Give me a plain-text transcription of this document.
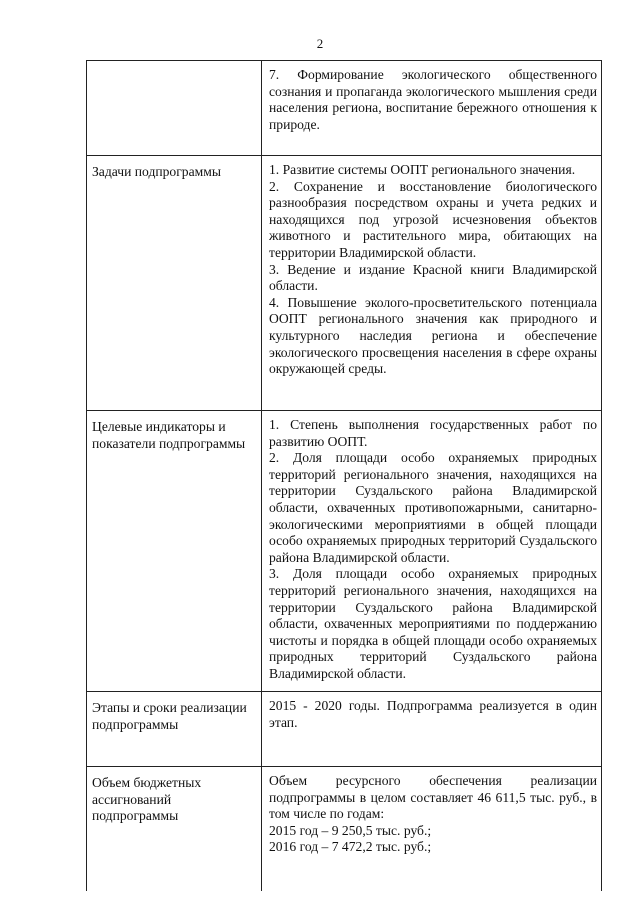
2

	7. Формирование экологического общественного сознания и пропаганда экологического мышления среди населения региона, воспитание бережного отношения к природе.

Задачи подпрограммы	1. Развитие системы ООПТ регионального значения.

2. Сохранение и восстановление биологического разнообразия посредством охраны и учета редких и находящихся под угрозой исчезновения объектов животного и растительного мира, обитающих на территории Владимирской области.

3. Ведение и издание Красной книги Владимирской области.

4. Повышение эколого-просветительского потенциала ООПТ регионального значения как природного и культурного наследия региона и обеспечение экологического просвещения населения в сфере охраны окружающей среды.

Целевые индикаторы и показатели подпрограммы	1. Степень выполнения государственных работ по развитию ООПТ.

2. Доля площади особо охраняемых природных территорий регионального значения, находящихся на территории Суздальского района Владимирской области, охваченных противопожарными, санитарно-экологическими мероприятиями в общей площади особо охраняемых природных территорий Суздальского района Владимирской области.

3. Доля площади особо охраняемых природных территорий регионального значения, находящихся на территории Суздальского района Владимирской области, охваченных мероприятиями по поддержанию чистоты и порядка в общей площади особо охраняемых природных территорий Суздальского района Владимирской области.

Этапы и сроки реализации подпрограммы	2015 - 2020 годы. Подпрограмма реализуется в один этап.

Объем бюджетных ассигнований подпрограммы	Объем ресурсного обеспечения реализации подпрограммы в целом составляет 46 611,5 тыс. руб., в том числе по годам:

2015 год – 9 250,5 тыс. руб.;

2016 год – 7 472,2 тыс. руб.;
